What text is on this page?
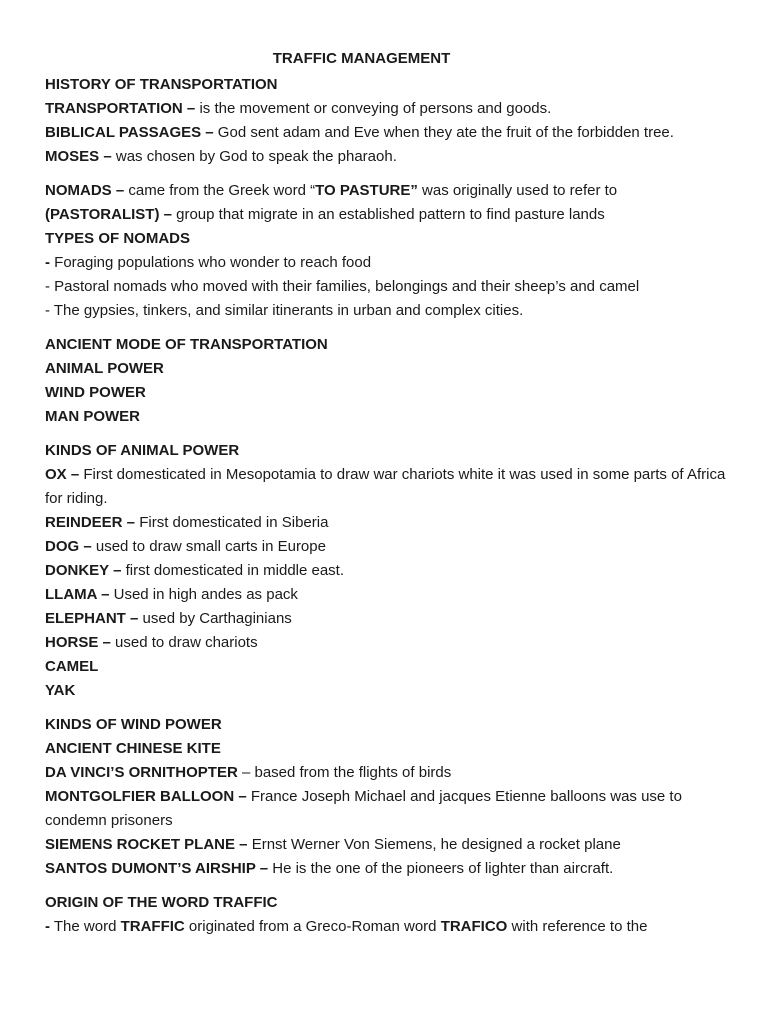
TRAFFIC MANAGEMENT
HISTORY OF TRANSPORTATION
TRANSPORTATION – is the movement or conveying of persons and goods.
BIBLICAL PASSAGES – God sent adam and Eve when they ate the fruit of the forbidden tree.
MOSES – was chosen by God to speak the pharaoh.
NOMADS – came from the Greek word “TO PASTURE” was originally used to refer to
(PASTORALIST) – group that migrate in an established pattern to find pasture lands
TYPES OF NOMADS
- Foraging populations who wonder to reach food
- Pastoral nomads who moved with their families, belongings and their sheep’s and camel
- The gypsies, tinkers, and similar itinerants in urban and complex cities.
ANCIENT MODE OF TRANSPORTATION
ANIMAL POWER
WIND POWER
MAN POWER
KINDS OF ANIMAL POWER
OX – First domesticated in Mesopotamia to draw war chariots white it was used in some parts of Africa for riding.
REINDEER – First domesticated in Siberia
DOG – used to draw small carts in Europe
DONKEY – first domesticated in middle east.
LLAMA – Used in high andes as pack
ELEPHANT – used by Carthaginians
HORSE – used to draw chariots
CAMEL
YAK
KINDS OF WIND POWER
ANCIENT CHINESE KITE
DA VINCI’S ORNITHOPTER – based from the flights of birds
MONTGOLFIER BALLOON – France Joseph Michael and jacques Etienne balloons was use to condemn prisoners
SIEMENS ROCKET PLANE – Ernst Werner Von Siemens, he designed a rocket plane
SANTOS DUMONT’S AIRSHIP – He is the one of the pioneers of lighter than aircraft.
ORIGIN OF THE WORD TRAFFIC
- The word TRAFFIC originated from a Greco-Roman word TRAFICO with reference to the
